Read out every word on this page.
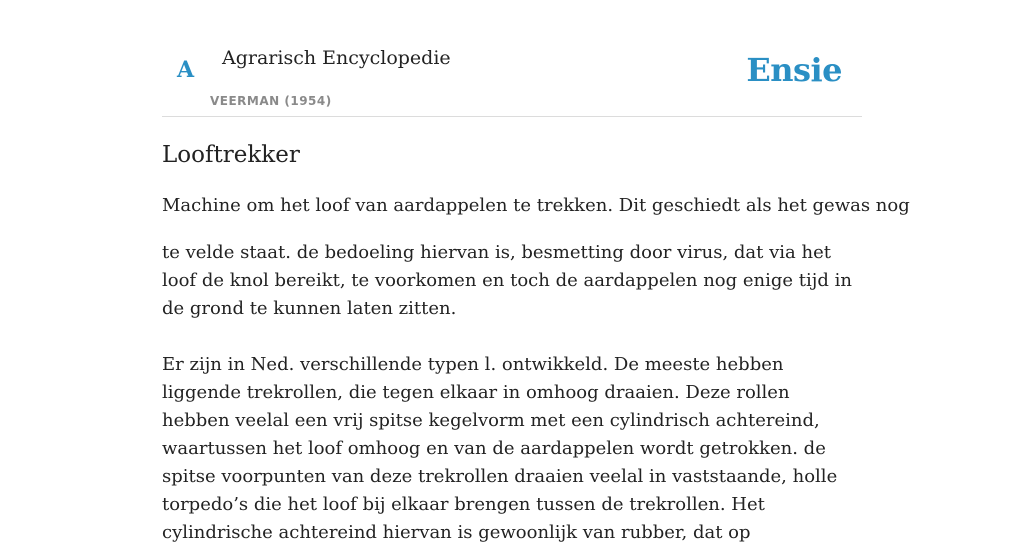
A Agrarisch Encyclopedie
VEERMAN (1954)
Ensie
Looftrekker

Machine om het loof van aardappelen te trekken. Dit geschiedt als het gewas nog

te velde staat. de bedoeling hiervan is, besmetting door virus, dat via het loof de knol bereikt, te voorkomen en toch de aardappelen nog enige tijd in de grond te kunnen laten zitten.

Er zijn in Ned. verschillende typen l. ontwikkeld. De meeste hebben liggende trekrollen, die tegen elkaar in omhoog draaien. Deze rollen hebben veelal een vrij spitse kegelvorm met een cylindrisch achtereind, waartussen het loof omhoog en van de aardappelen wordt getrokken. de spitse voorpunten van deze trekrollen draaien veelal in vaststaande, holle torpedo’s die het loof bij elkaar brengen tussen de trekrollen. Het cylindrische achtereind hiervan is gewoonlijk van rubber, dat op
